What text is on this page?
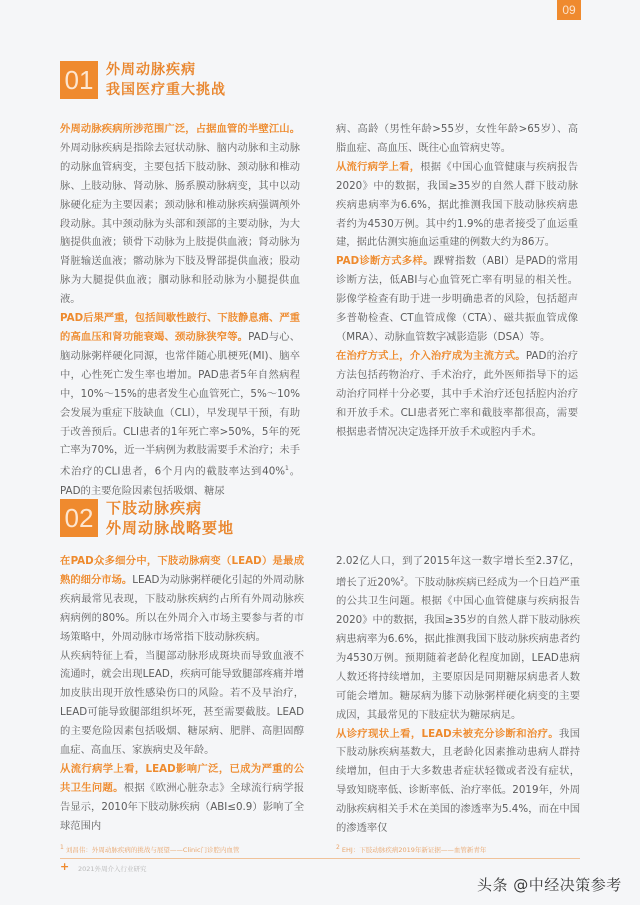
09
01 外周动脉疾病
我国医疗重大挑战

外周动脉疾病所涉范围广泛，占据血管的半壁江山。外周动脉疾病是指除去冠状动脉、脑内动脉和主动脉的动脉血管病变，主要包括下肢动脉、颈动脉和椎动脉、上肢动脉、肾动脉、肠系膜动脉病变，其中以动脉硬化症为主要因素；颈动脉和椎动脉疾病强调颅外段动脉。其中颈动脉为头部和颈部的主要动脉，为大脑提供血液；锁骨下动脉为上肢提供血液；肾动脉为肾脏输送血液；髂动脉为下肢及臀部提供血液；股动脉为大腿提供血液；腘动脉和胫动脉为小腿提供血液。

PAD后果严重，包括间歇性跛行、下肢静息痛、严重的高血压和肾功能衰竭、颈动脉狭窄等。PAD与心、脑动脉粥样硬化同源，也常伴随心肌梗死(MI)、脑卒中，心性死亡发生率也增加。PAD患者5年自然病程中，10%～15%的患者发生心血管死亡，5%～10%会发展为重症下肢缺血（CLI），早发现早干预，有助于改善预后。CLI患者的1年死亡率>50%，5年的死亡率为70%，近一半病例为救肢需要手术治疗；未手术治疗的CLI患者，6个月内的截肢率达到40%$^1$。PAD的主要危险因素包括吸烟、糖尿

病、高龄（男性年龄>55岁，女性年龄>65岁）、高脂血症、高血压、既往心血管病史等。

从流行病学上看，根据《中国心血管健康与疾病报告2020》中的数据，我国≥35岁的自然人群下肢动脉疾病患病率为6.6%，据此推测我国下肢动脉疾病患者约为4530万例。其中约1.9%的患者接受了血运重建，据此估测实施血运重建的例数大约为86万。

PAD诊断方式多样。踝臂指数（ABI）是PAD的常用诊断方法，低ABI与心血管死亡率有明显的相关性。影像学检查有助于进一步明确患者的风险，包括超声多普勒检查、CT血管成像（CTA）、磁共振血管成像（MRA）、动脉血管数字减影造影（DSA）等。

在治疗方式上，介入治疗成为主流方式。PAD的治疗方法包括药物治疗、手术治疗，此外医师指导下的运动治疗同样十分必要，其中手术治疗还包括腔内治疗和开放手术。CLI患者死亡率和截肢率都很高，需要根据患者情况决定选择开放手术或腔内手术。

02 下肢动脉疾病
外周动脉战略要地

在PAD众多细分中，下肢动脉病变（LEAD）是最成熟的细分市场。LEAD为动脉粥样硬化引起的外周动脉疾病最常见表现，下肢动脉疾病约占所有外周动脉疾病病例的80%。所以在外周介入市场主要参与者的市场策略中，外周动脉市场常指下肢动脉疾病。

从疾病特征上看，当腿部动脉形成斑块而导致血液不流通时，就会出现LEAD，疾病可能导致腿部疼痛并增加皮肤出现开放性感染伤口的风险。若不及早治疗，LEAD可能导致腿部组织坏死，甚至需要截肢。LEAD的主要危险因素包括吸烟、糖尿病、肥胖、高胆固醇血症、高血压、家族病史及年龄。

从流行病学上看，LEAD影响广泛，已成为严重的公共卫生问题。根据《欧洲心脏杂志》全球流行病学报告显示，2010年下肢动脉疾病（ABI≤0.9）影响了全球范围内

2.02亿人口，到了2015年这一数字增长至2.37亿，增长了近20%$^2$。下肢动脉疾病已经成为一个日趋严重的公共卫生问题。根据《中国心血管健康与疾病报告2020》中的数据，我国≥35岁的自然人群下肢动脉疾病患病率为6.6%，据此推测我国下肢动脉疾病患者约为4530万例。预期随着老龄化程度加剧，LEAD患病人数还将持续增加，主要原因是同期糖尿病患者人数可能会增加。糖尿病为膝下动脉粥样硬化病变的主要成因，其最常见的下肢症状为糖尿病足。

从诊疗现状上看，LEAD未被充分诊断和治疗。我国下肢动脉疾病基数大，且老龄化因素推动患病人群持续增加，但由于大多数患者症状轻微或者没有症状，导致知晓率低、诊断率低、治疗率低。2019年，外周动脉疾病相关手术在美国的渗透率为5.4%，而在中国的渗透率仅

1 刘昌伟：外周动脉疾病的挑战与展望——Clinic门诊腔内血管	2 EHJ：下肢动脉疾病2019年新证据——血管新青年
+ 2021外周介入行业研究
头条 @中经决策参考
